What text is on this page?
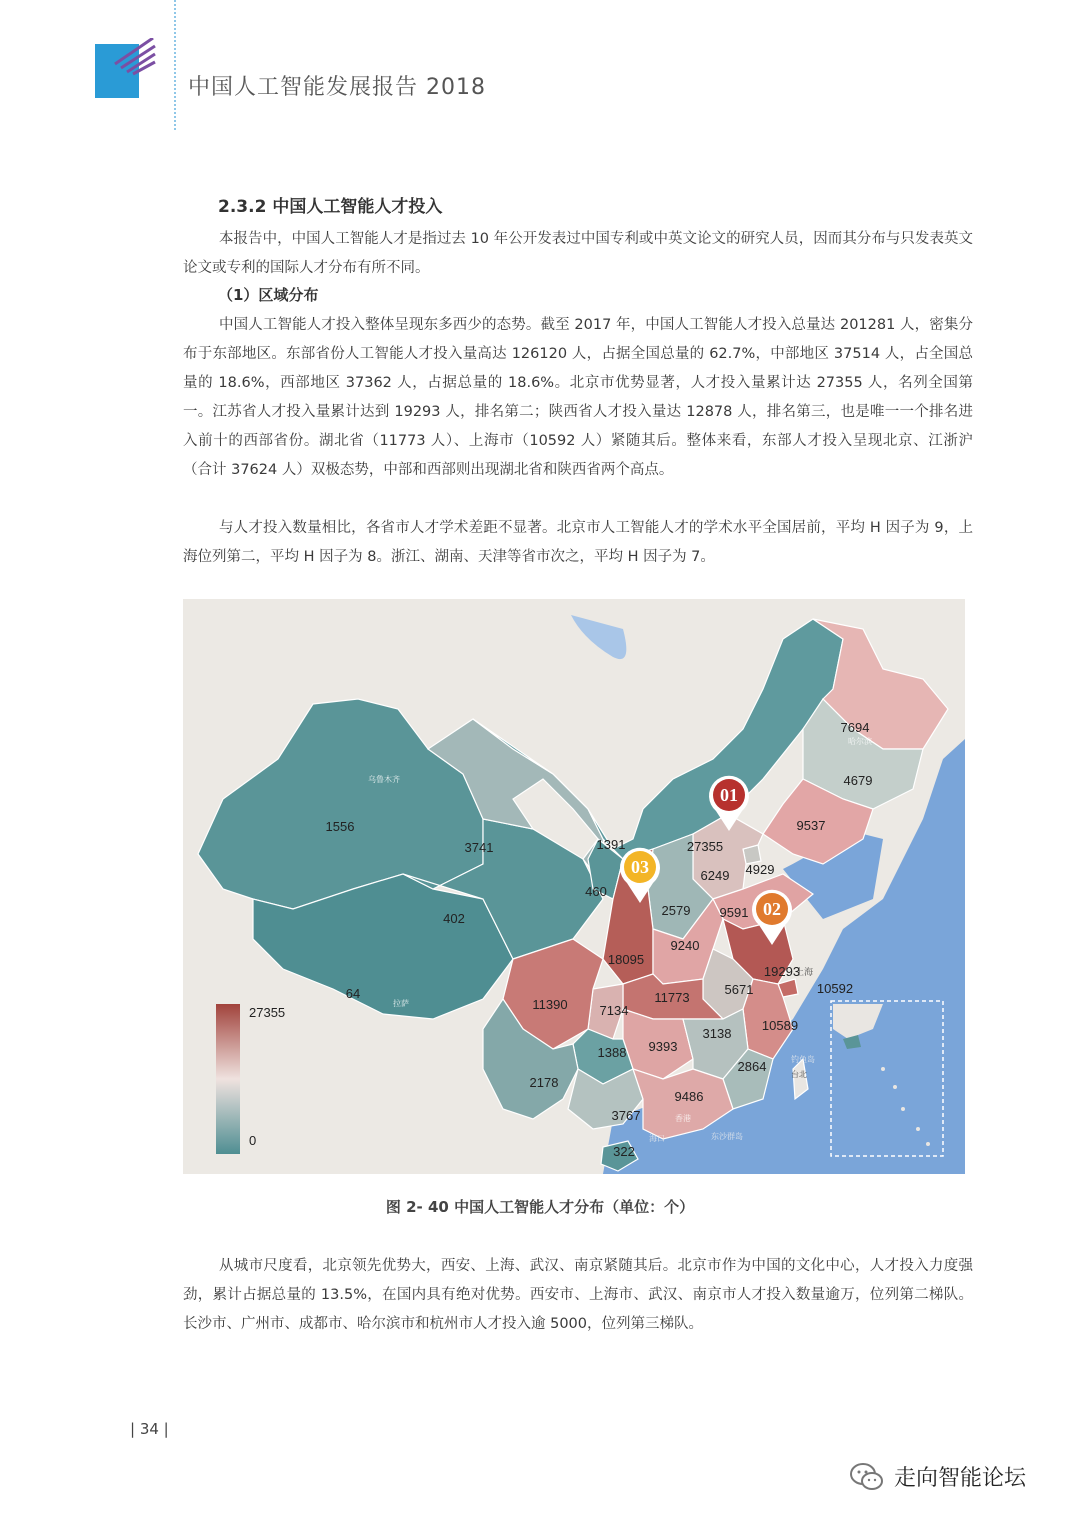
中国人工智能发展报告 2018
2.3.2 中国人工智能人才投入

本报告中，中国人工智能人才是指过去 10 年公开发表过中国专利或中英文论文的研究人员，因而其分布与只发表英文论文或专利的国际人才分布有所不同。

（1）区域分布

中国人工智能人才投入整体呈现东多西少的态势。截至 2017 年，中国人工智能人才投入总量达 201281 人，密集分布于东部地区。东部省份人工智能人才投入量高达 126120 人，占据全国总量的 62.7%，中部地区 37514 人，占全国总量的 18.6%，西部地区 37362 人，占据总量的 18.6%。北京市优势显著，人才投入量累计达 27355 人，名列全国第一。江苏省人才投入量累计达到 19293 人，排名第二；陕西省人才投入量达 12878 人，排名第三，也是唯一一个排名进入前十的西部省份。湖北省（11773 人）、上海市（10592 人）紧随其后。整体来看，东部人才投入呈现北京、江浙沪（合计 37624 人）双极态势，中部和西部则出现湖北省和陕西省两个高点。

与人才投入数量相比，各省市人才学术差距不显著。北京市人工智能人才的学术水平全国居前，平均 H 因子为 9，上海位列第二，平均 H 因子为 8。浙江、湖南、天津等省市次之，平均 H 因子为 7。

7694
4679
9537
1391	27355
4929
6249
2579 9591
460
3741
1556
402
64
18095
9240
19293
5671	10592
11390	11773
7134
10589
9393
3138
1388
2864
2178
3767
9486
322
哈尔滨
乌鲁木齐
拉萨
上海
台北
钓鱼岛
海口
香港
东沙群岛
01
02
03
27355
0
图 2- 40 中国人工智能人才分布（单位：个）

从城市尺度看，北京领先优势大，西安、上海、武汉、南京紧随其后。北京市作为中国的文化中心，人才投入力度强劲，累计占据总量的 13.5%，在国内具有绝对优势。西安市、上海市、武汉、南京市人才投入数量逾万，位列第二梯队。长沙市、广州市、成都市、哈尔滨市和杭州市人才投入逾 5000，位列第三梯队。

| 34 |
走向智能论坛
